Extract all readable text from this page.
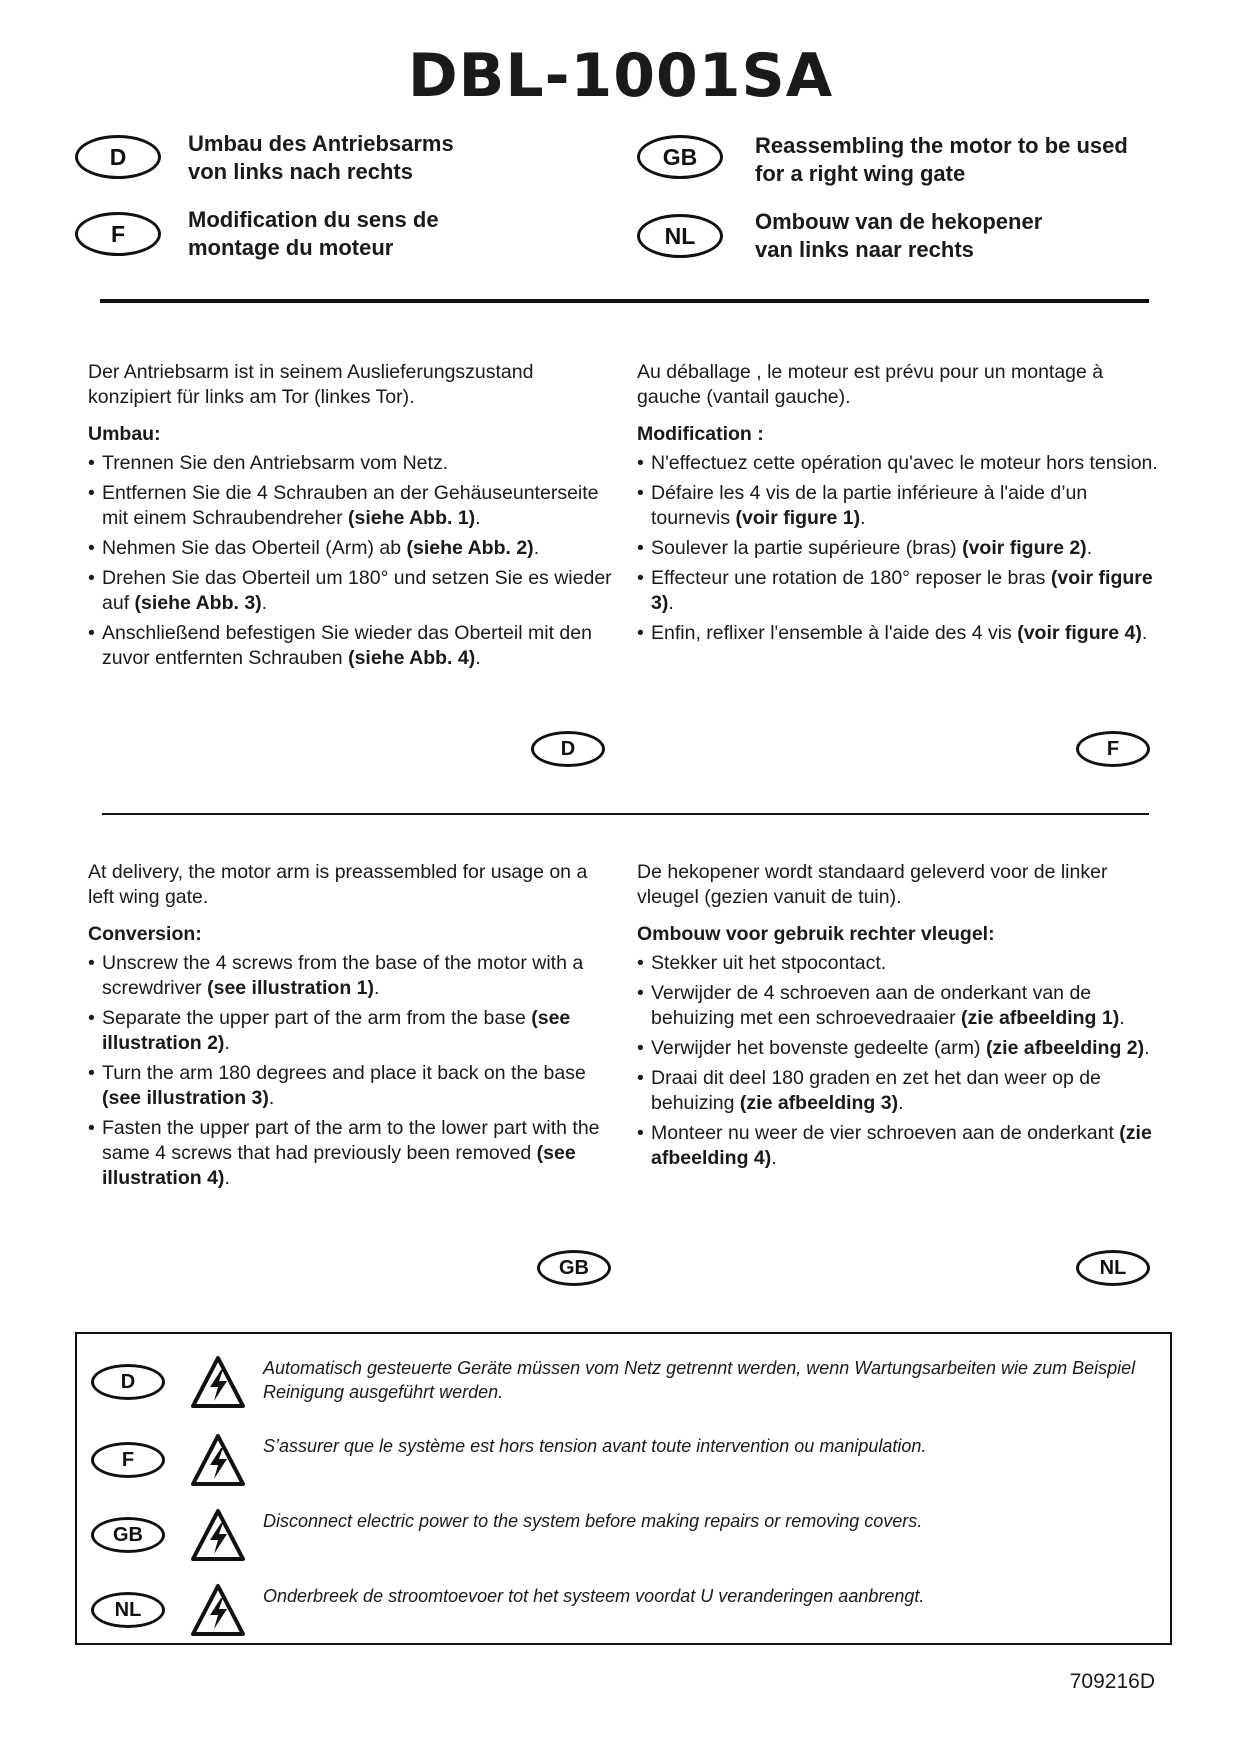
DBL-1001SA
D	Umbau des Antriebsarms
von links nach rechts
GB	Reassembling the motor to be used
for a right wing gate
F
Modification du sens de
montage du moteur	NL
Ombouw van de hekopener
van links naar rechts

Der Antriebsarm ist in seinem Auslieferungszustand konzipiert für links am Tor (linkes Tor).

Umbau:
• Trennen Sie den Antriebsarm vom Netz.
• Entfernen Sie die 4 Schrauben an der Gehäuseunterseite mit einem Schraubendreher (siehe Abb. 1).
• Nehmen Sie das Oberteil (Arm) ab (siehe Abb. 2).
• Drehen Sie das Oberteil um 180° und setzen Sie es wieder auf (siehe Abb. 3).
• Anschließend befestigen Sie wieder das Oberteil mit den zuvor entfernten Schrauben (siehe Abb. 4).
D

Au déballage , le moteur est prévu pour un montage à gauche (vantail gauche).

Modification :
• N'effectuez cette opération qu'avec le moteur hors tension.
• Défaire les 4 vis de la partie inférieure à l'aide d’un tournevis (voir figure 1).
• Soulever la partie supérieure (bras) (voir figure 2).
• Effecteur une rotation de 180° reposer le bras (voir figure 3).
• Enfin, reflixer l'ensemble à l'aide des 4 vis (voir figure 4).
F

At delivery, the motor arm is preassembled for usage on a left wing gate.

Conversion:
• Unscrew the 4 screws from the base of the motor with a screwdriver (see illustration 1).
• Separate the upper part of the arm from the base (see illustration 2).
• Turn the arm 180 degrees and place it back on the base (see illustration 3).
• Fasten the upper part of the arm to the lower part with the same 4 screws that had previously been removed (see illustration 4).
GB

De hekopener wordt standaard geleverd voor de linker vleugel (gezien vanuit de tuin).

Ombouw voor gebruik rechter vleugel:
• Stekker uit het stpocontact.
• Verwijder de 4 schroeven aan de onderkant van de behuizing met een schroevedraaier (zie afbeelding 1).
• Verwijder het bovenste gedeelte (arm) (zie afbeelding 2).
• Draai dit deel 180 graden en zet het dan weer op de behuizing (zie afbeelding 3).
• Monteer nu weer de vier schroeven aan de onderkant (zie afbeelding 4).
NL
D
Automatisch gesteuerte Geräte müssen vom Netz getrennt werden, wenn Wartungsarbeiten wie zum Beispiel Reinigung ausgeführt werden.
F
S’assurer que le système est hors tension avant toute intervention ou manipulation.
GB
Disconnect electric power to the system before making repairs or removing covers.
NL
Onderbreek de stroomtoevoer tot het systeem voordat U veranderingen aanbrengt.
709216D
